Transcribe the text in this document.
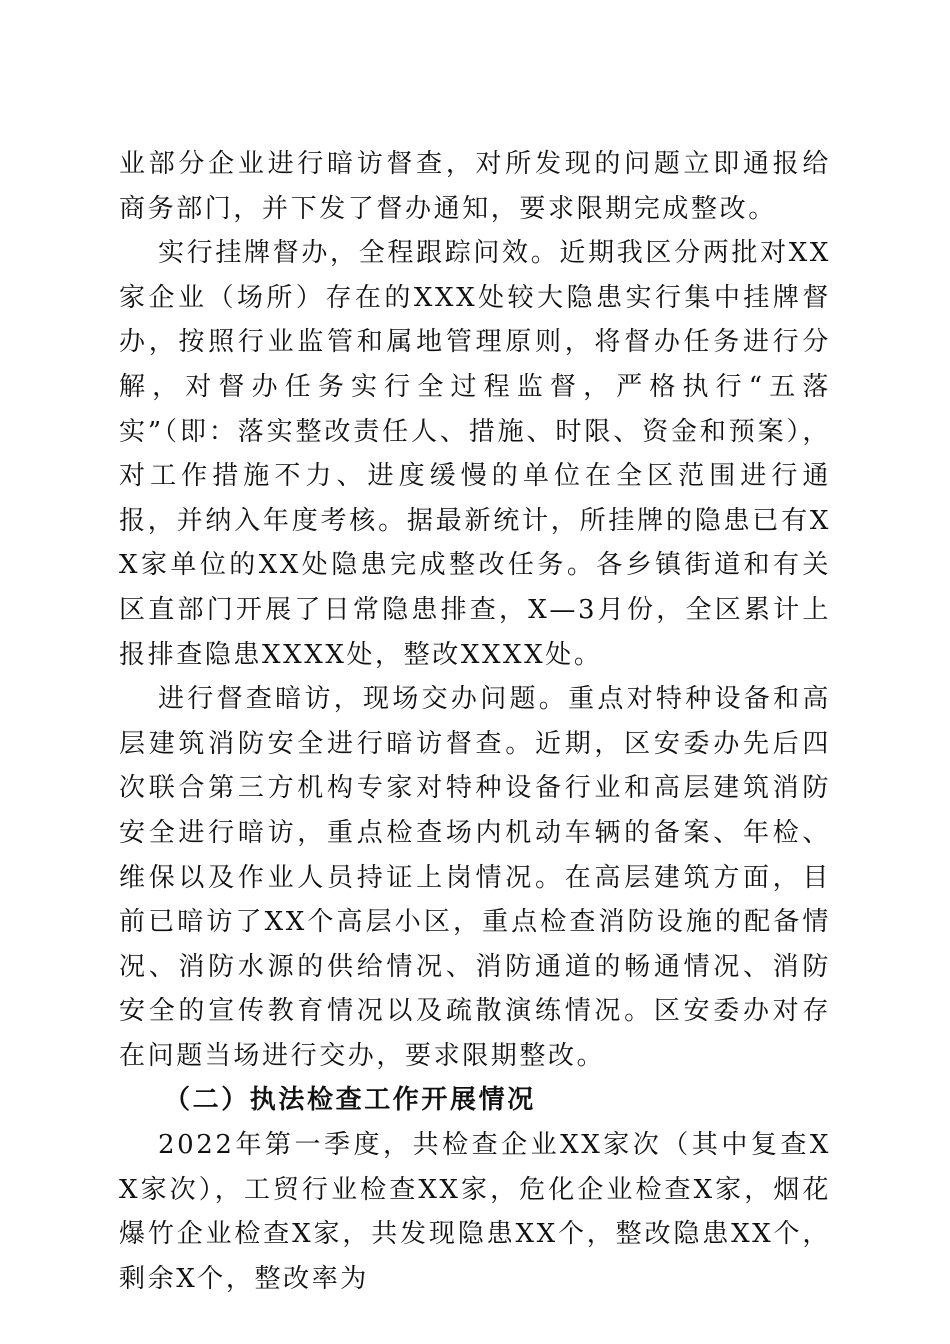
业部分企业进行暗访督查，对所发现的问题立即通报给商务部门，并下发了督办通知，要求限期完成整改。

实行挂牌督办，全程跟踪问效。近期我区分两批对XX家企业（场所）存在的XXX处较大隐患实行集中挂牌督办，按照行业监管和属地管理原则，将督办任务进行分解，对督办任务实行全过程监督，严格执行“五落实”（即：落实整改责任人、措施、时限、资金和预案），对工作措施不力、进度缓慢的单位在全区范围进行通报，并纳入年度考核。据最新统计，所挂牌的隐患已有XX家单位的XX处隐患完成整改任务。各乡镇街道和有关区直部门开展了日常隐患排查，X—3月份，全区累计上报排查隐患XXXX处，整改XXXX处。

进行督查暗访，现场交办问题。重点对特种设备和高层建筑消防安全进行暗访督查。近期，区安委办先后四次联合第三方机构专家对特种设备行业和高层建筑消防安全进行暗访，重点检查场内机动车辆的备案、年检、维保以及作业人员持证上岗情况。在高层建筑方面，目前已暗访了XX个高层小区，重点检查消防设施的配备情况、消防水源的供给情况、消防通道的畅通情况、消防安全的宣传教育情况以及疏散演练情况。区安委办对存在问题当场进行交办，要求限期整改。

（二）执法检查工作开展情况

2022年第一季度，共检查企业XX家次（其中复查XX家次），工贸行业检查XX家，危化企业检查X家，烟花爆竹企业检查X家，共发现隐患XX个，整改隐患XX个，剩余X个，整改率为
